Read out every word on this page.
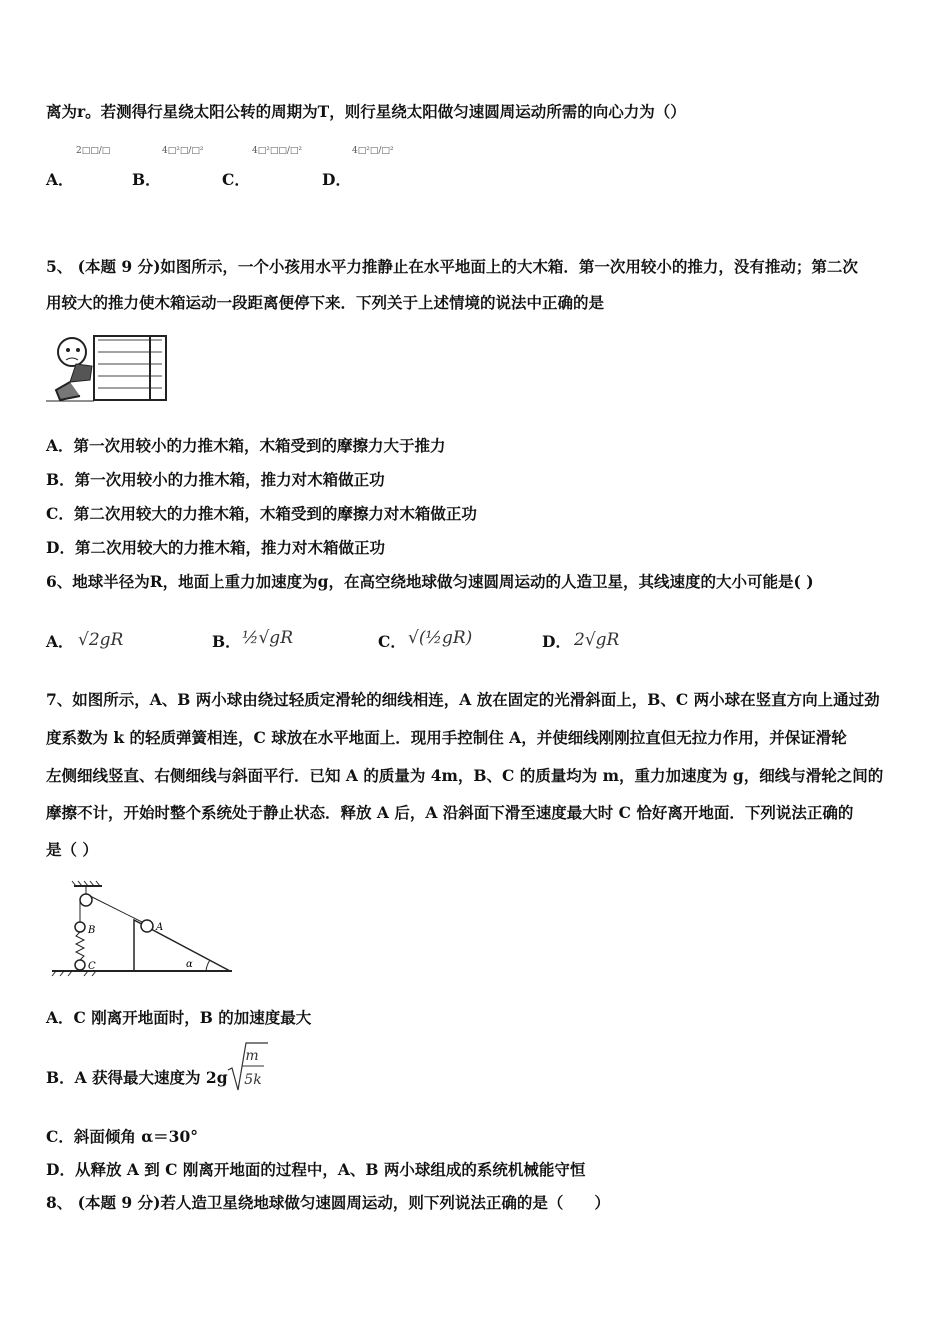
离为r。若测得行星绕太阳公转的周期为T，则行星绕太阳做匀速圆周运动所需的向心力为（）
A．
2□□/□
B．
4□²□/□²
C．
4□²□□/□²
D．
4□²□/□²
5、 (本题 9 分)如图所示，一个小孩用水平力推静止在水平地面上的大木箱．第一次用较小的推力，没有推动；第二次
用较大的推力使木箱运动一段距离便停下来．下列关于上述情境的说法中正确的是
A．第一次用较小的力推木箱，木箱受到的摩擦力大于推力
B．第一次用较小的力推木箱，推力对木箱做正功
C．第二次用较大的力推木箱，木箱受到的摩擦力对木箱做正功
D．第二次用较大的力推木箱，推力对木箱做正功
6、地球半径为R，地面上重力加速度为g，在高空绕地球做匀速圆周运动的人造卫星，其线速度的大小可能是( )
A． √2gR	B． ½√gR	C． √(½gR)	D． 2√gR
7、如图所示，A、B 两小球由绕过轻质定滑轮的细线相连，A 放在固定的光滑斜面上，B、C 两小球在竖直方向上通过劲
度系数为 k 的轻质弹簧相连，C 球放在水平地面上．现用手控制住 A，并使细线刚刚拉直但无拉力作用，并保证滑轮
左侧细线竖直、右侧细线与斜面平行．已知 A 的质量为 4m，B、C 的质量均为 m，重力加速度为 g，细线与滑轮之间的
摩擦不计，开始时整个系统处于静止状态．释放 A 后，A 沿斜面下滑至速度最大时 C 恰好离开地面．下列说法正确的
是（ ）
A
B
C	α
A．C 刚离开地面时，B 的加速度最大
B．A 获得最大速度为 2g
m
5k
C．斜面倾角 α＝30°
D．从释放 A 到 C 刚离开地面的过程中，A、B 两小球组成的系统机械能守恒
8、 (本题 9 分)若人造卫星绕地球做匀速圆周运动，则下列说法正确的是（　　）
